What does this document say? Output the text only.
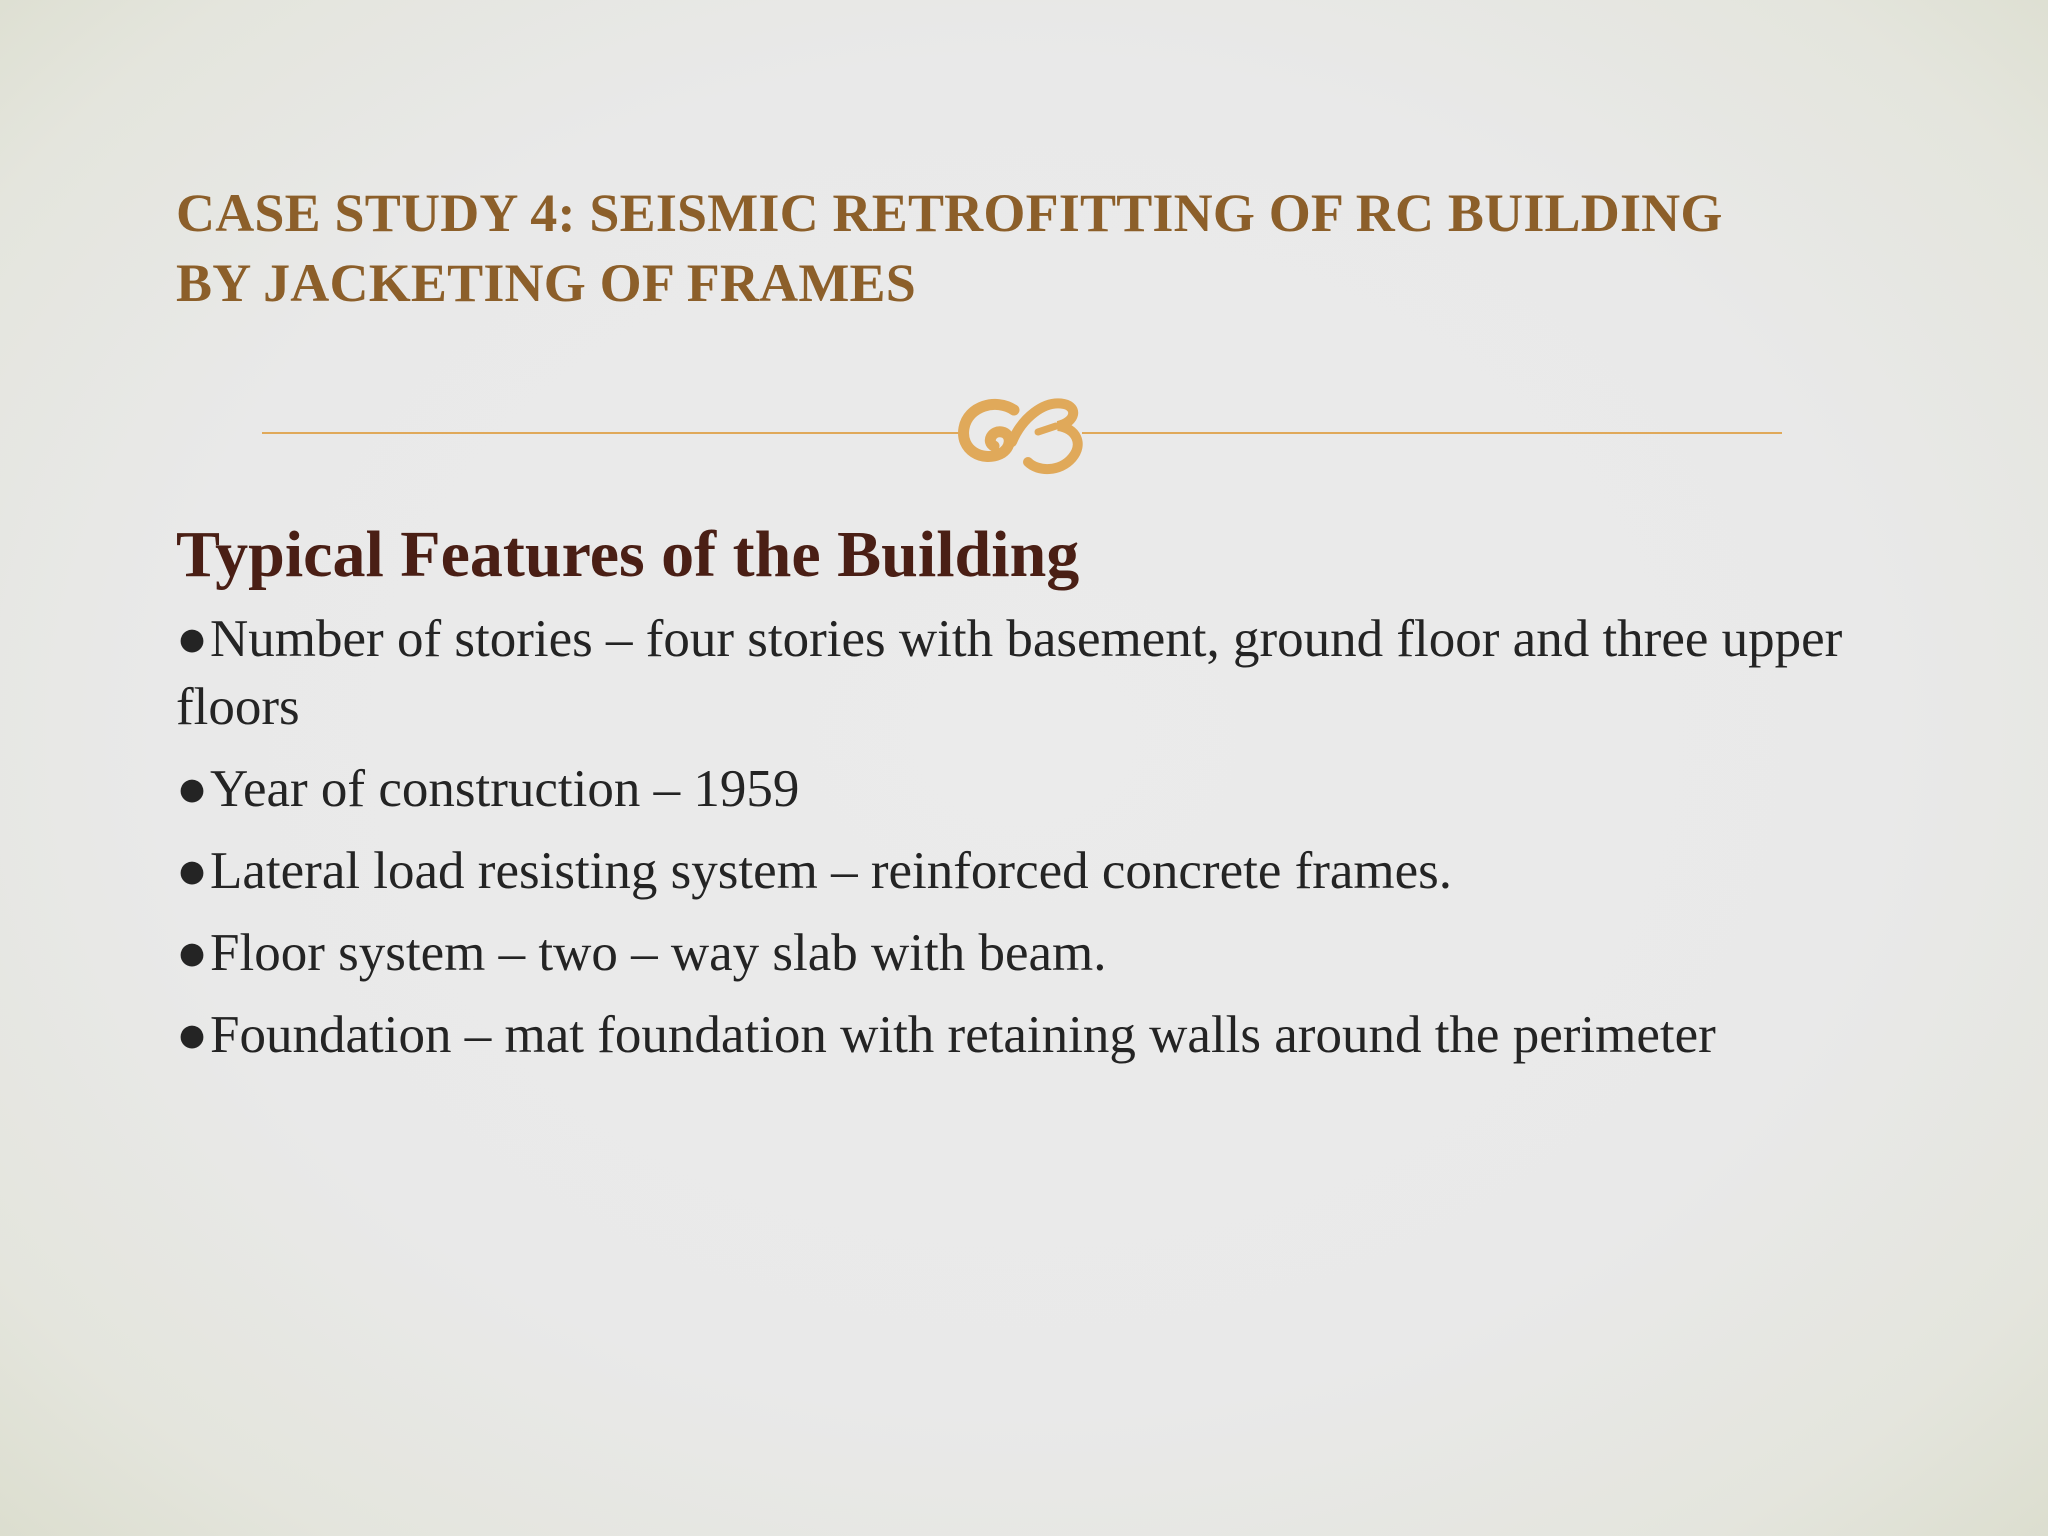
CASE STUDY 4: SEISMIC RETROFITTING OF RC BUILDING
BY JACKETING OF FRAMES
Typical Features of the Building
●Number of stories – four stories with basement, ground floor and three upper floors
●Year of construction – 1959
●Lateral load resisting system – reinforced concrete frames.
●Floor system – two – way slab with beam.
●Foundation – mat foundation with retaining walls around the perimeter
